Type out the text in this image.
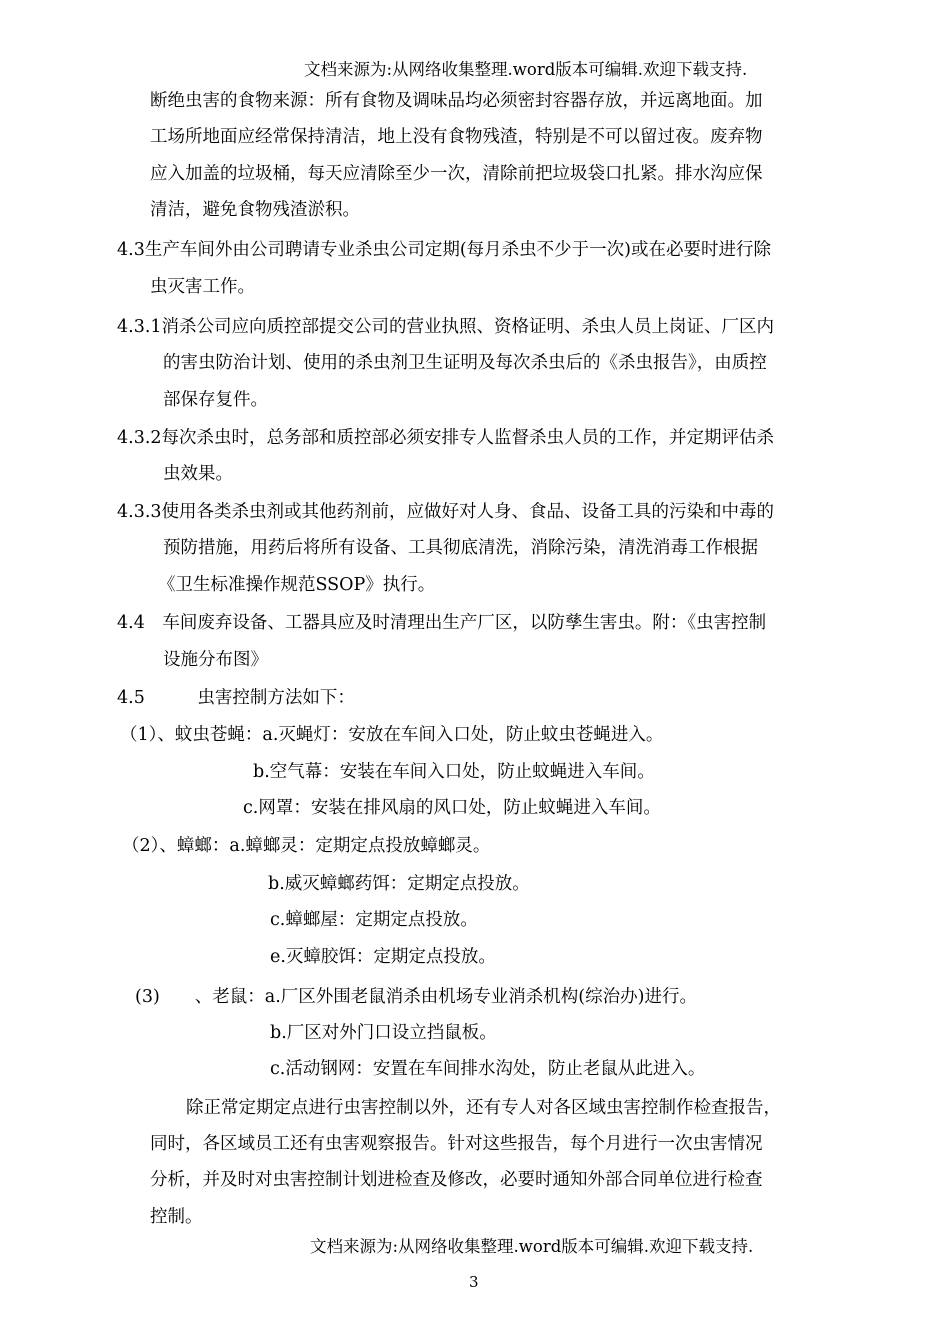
文档来源为:从网络收集整理.word版本可编辑.欢迎下载支持.
断绝虫害的食物来源：所有食物及调味品均必须密封容器存放，并远离地面。加
工场所地面应经常保持清洁，地上没有食物残渣，特别是不可以留过夜。废弃物
应入加盖的垃圾桶，每天应清除至少一次，清除前把垃圾袋口扎紧。排水沟应保
清洁，避免食物残渣淤积。
4.3生产车间外由公司聘请专业杀虫公司定期(每月杀虫不少于一次)或在必要时进行除
虫灭害工作。
4.3.1消杀公司应向质控部提交公司的营业执照、资格证明、杀虫人员上岗证、厂区内
的害虫防治计划、使用的杀虫剂卫生证明及每次杀虫后的《杀虫报告》，由质控
部保存复件。
4.3.2每次杀虫时，总务部和质控部必须安排专人监督杀虫人员的工作，并定期评估杀
虫效果。
4.3.3使用各类杀虫剂或其他药剂前，应做好对人身、食品、设备工具的污染和中毒的
预防措施，用药后将所有设备、工具彻底清洗，消除污染，清洗消毒工作根据
《卫生标准操作规范SSOP》执行。
4.4　车间废弃设备、工器具应及时清理出生产厂区，以防孳生害虫。附：《虫害控制
设施分布图》
4.5　　　虫害控制方法如下：
（1）、蚊虫苍蝇：a.灭蝇灯：安放在车间入口处，防止蚊虫苍蝇进入。
b.空气幕：安装在车间入口处，防止蚊蝇进入车间。
c.网罩：安装在排风扇的风口处，防止蚊蝇进入车间。
（2）、蟑螂：a.蟑螂灵：定期定点投放蟑螂灵。
b.威灭蟑螂药饵：定期定点投放。
c.蟑螂屋：定期定点投放。
e.灭蟑胶饵：定期定点投放。
(3)　　、老鼠：a.厂区外围老鼠消杀由机场专业消杀机构(综治办)进行。
b.厂区对外门口设立挡鼠板。
c.活动钢网：安置在车间排水沟处，防止老鼠从此进入。
除正常定期定点进行虫害控制以外，还有专人对各区域虫害控制作检查报告，
同时，各区域员工还有虫害观察报告。针对这些报告，每个月进行一次虫害情况
分析，并及时对虫害控制计划进检查及修改，必要时通知外部合同单位进行检查
控制。
文档来源为:从网络收集整理.word版本可编辑.欢迎下载支持.
3
